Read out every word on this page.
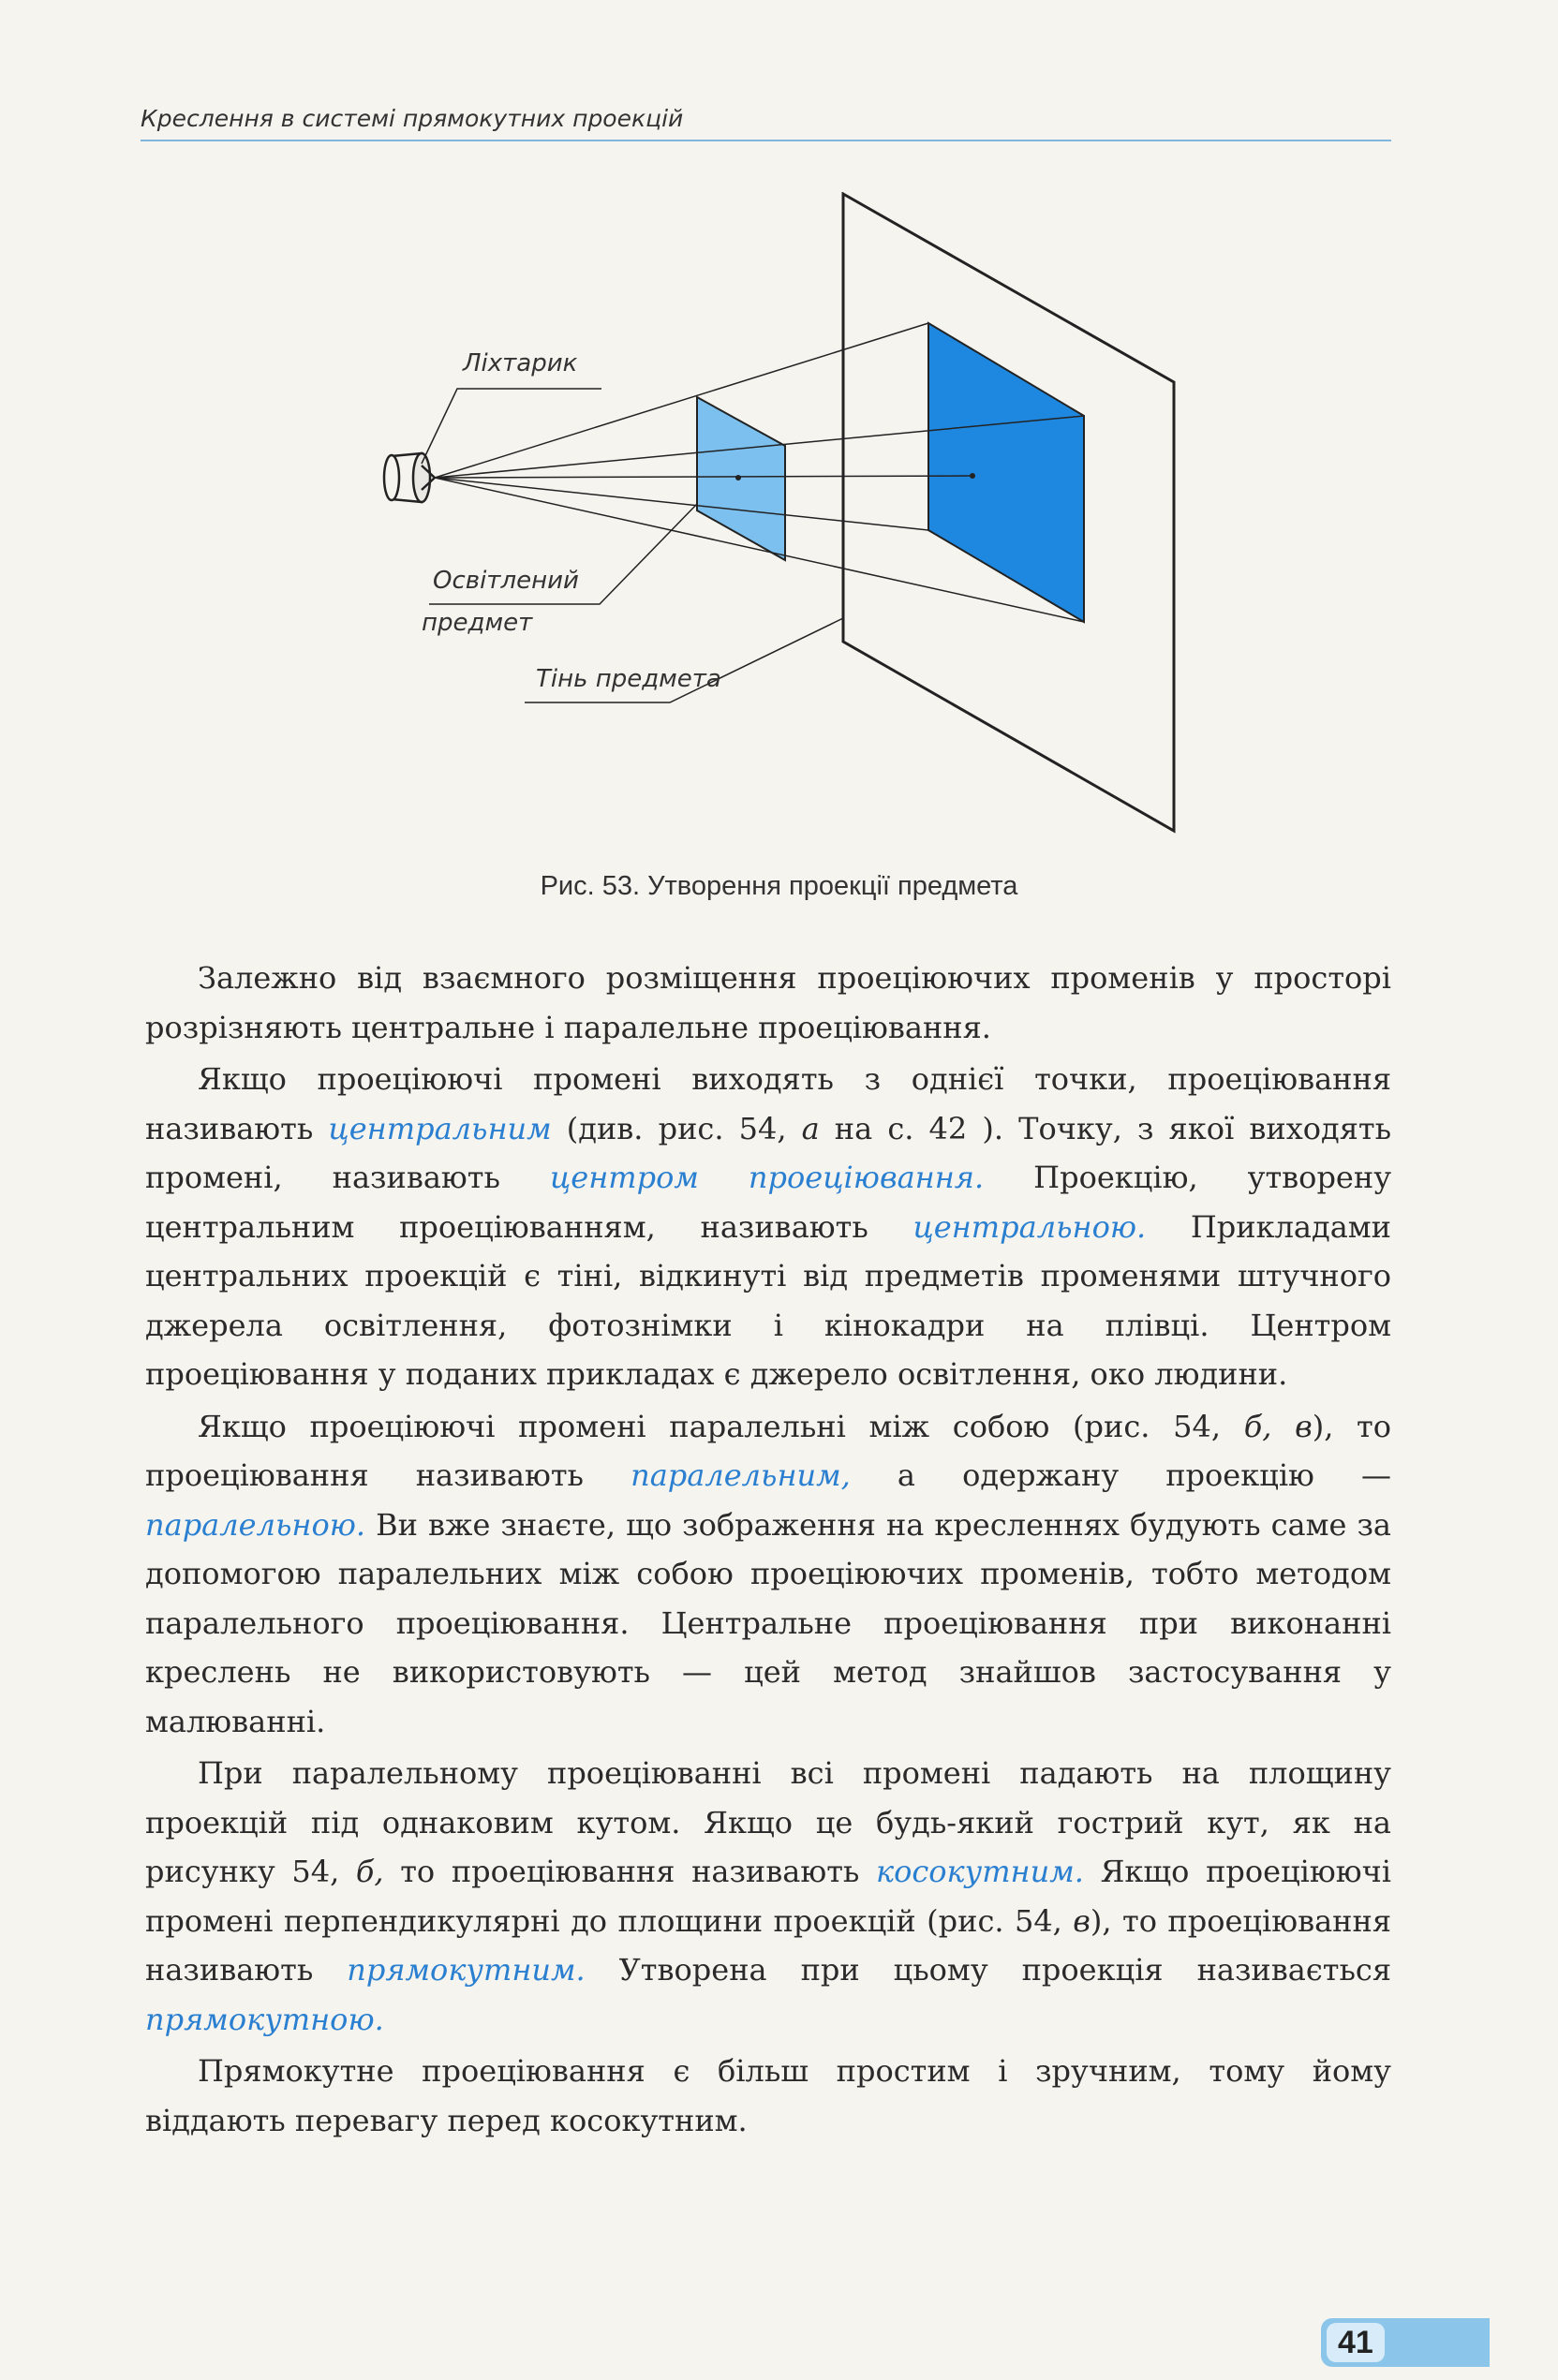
Креслення в системі прямокутних проекцій
Ліхтарик
Освітлений
предмет
Тінь предмета
Рис. 53. Утворення проекції предмета

Залежно від взаємного розміщення проеціюючих променів у просторі розрізняють центральне і паралельне проеціювання.

Якщо проеціюючі промені виходять з однієї точки, проеціювання називають центральним (див. рис. 54, а на с. 42 ). Точку, з якої виходять промені, називають центром проеціювання. Проекцію, утворену центральним проеціюванням, називають центральною. Прикладами центральних проекцій є тіні, відкинуті від предметів променями штучного джерела освітлення, фотознімки і кінокадри на плівці. Центром проеціювання у поданих прикладах є джерело освітлення, око людини.

Якщо проеціюючі промені паралельні між собою (рис. 54, б, в), то проеціювання називають паралельним, а одержану проекцію — паралельною. Ви вже знаєте, що зображення на кресленнях будують саме за допомогою паралельних між собою проеціюючих променів, тобто методом паралельного проеціювання. Центральне проеціювання при виконанні креслень не використовують — цей метод знайшов застосування у малюванні.

При паралельному проеціюванні всі промені падають на площину проекцій під однаковим кутом. Якщо це будь-який гострий кут, як на рисунку 54, б, то проеціювання називають косокутним. Якщо проеціюючі промені перпендикулярні до площини проекцій (рис. 54, в), то проеціювання називають прямокутним. Утворена при цьому проекція називається прямокутною.

Прямокутне проеціювання є більш простим і зручним, тому йому віддають перевагу перед косокутним.

41
